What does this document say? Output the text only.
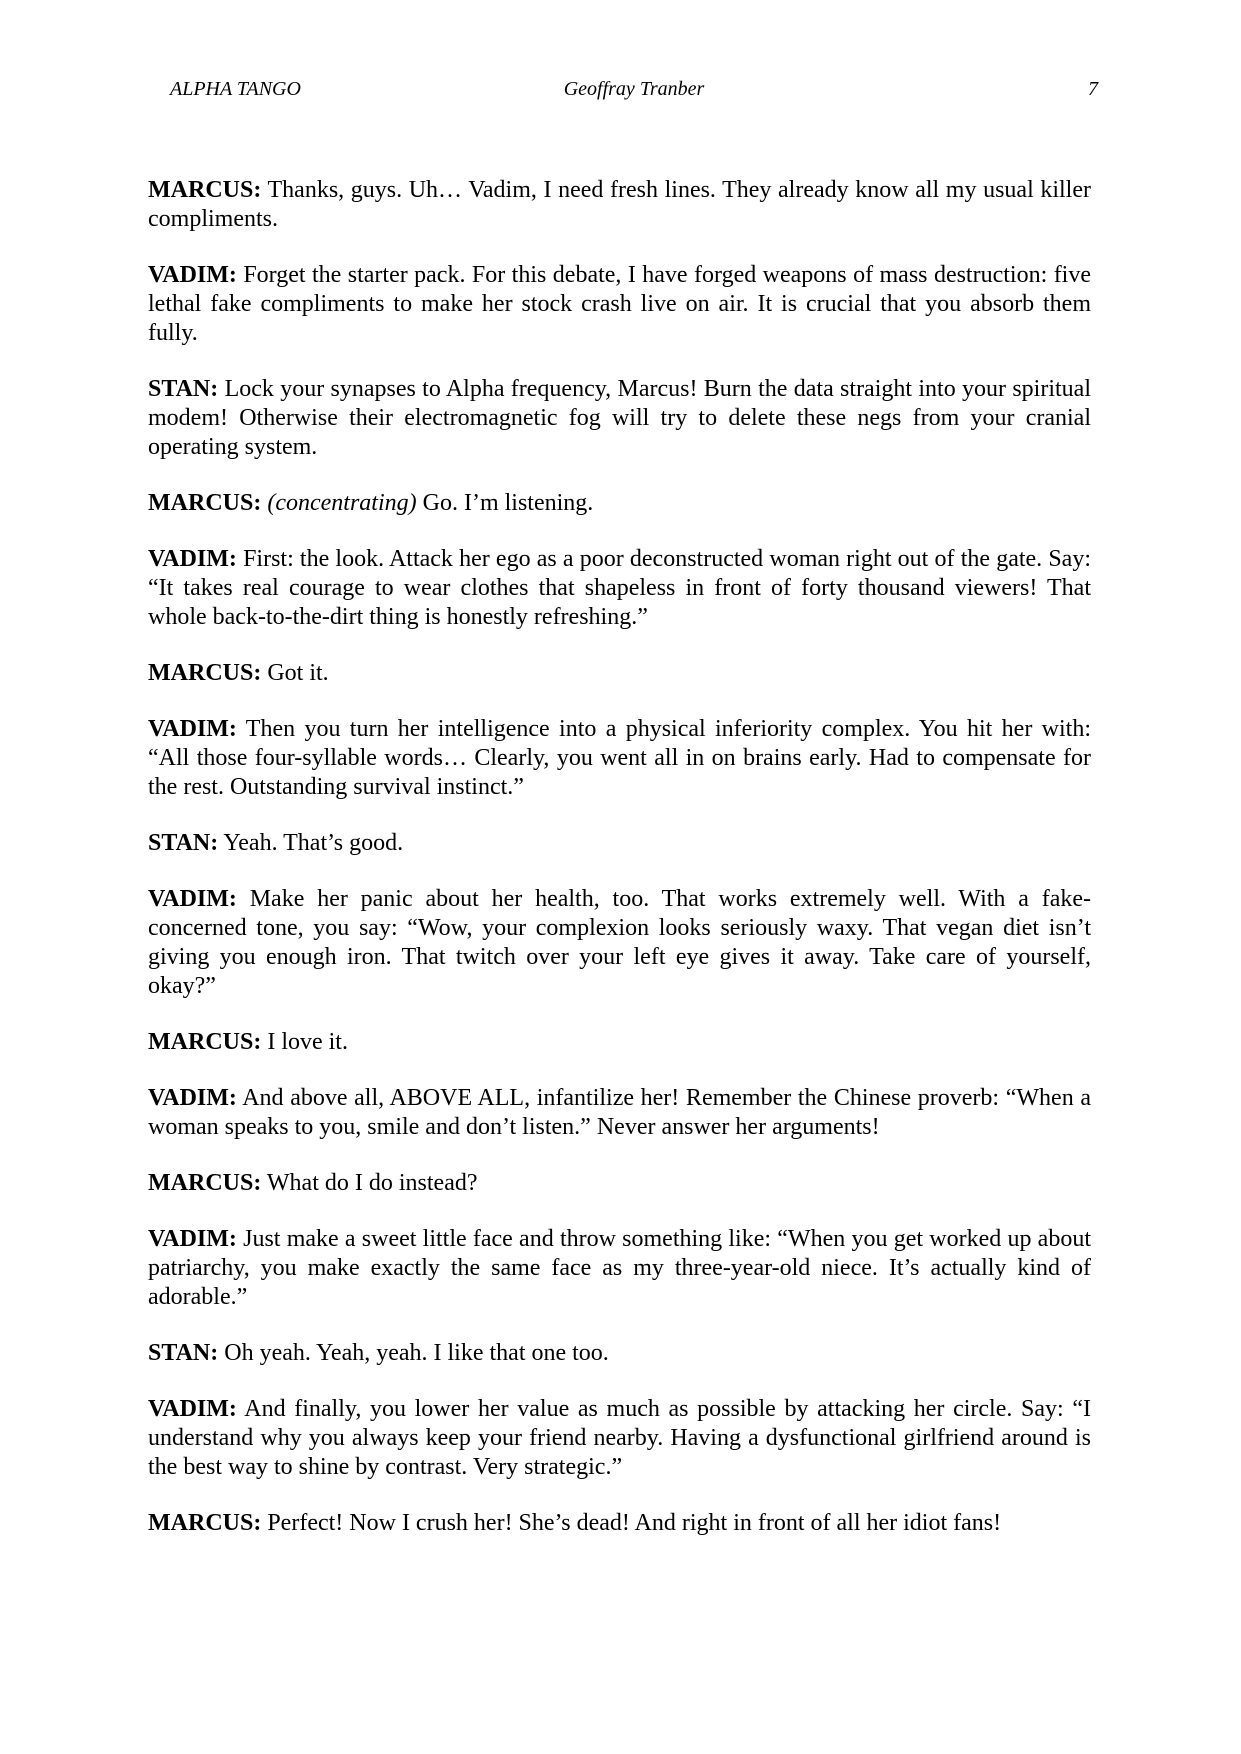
ALPHA TANGO	Geoffray Tranber	7

MARCUS: Thanks, guys. Uh… Vadim, I need fresh lines. They already know all my usual killer compliments.

VADIM: Forget the starter pack. For this debate, I have forged weapons of mass destruction: five lethal fake compliments to make her stock crash live on air. It is crucial that you absorb them fully.

STAN: Lock your synapses to Alpha frequency, Marcus! Burn the data straight into your spiritual modem! Otherwise their electromagnetic fog will try to delete these negs from your cranial operating system.

MARCUS: (concentrating) Go. I’m listening.

VADIM: First: the look. Attack her ego as a poor deconstructed woman right out of the gate. Say: “It takes real courage to wear clothes that shapeless in front of forty thousand viewers! That whole back-to-the-dirt thing is honestly refreshing.”

MARCUS: Got it.

VADIM: Then you turn her intelligence into a physical inferiority complex. You hit her with: “All those four-syllable words… Clearly, you went all in on brains early. Had to compensate for the rest. Outstanding survival instinct.”

STAN: Yeah. That’s good.

VADIM: Make her panic about her health, too. That works extremely well. With a fake-concerned tone, you say: “Wow, your complexion looks seriously waxy. That vegan diet isn’t giving you enough iron. That twitch over your left eye gives it away. Take care of yourself, okay?”

MARCUS: I love it.

VADIM: And above all, ABOVE ALL, infantilize her! Remember the Chinese proverb: “When a woman speaks to you, smile and don’t listen.” Never answer her arguments!

MARCUS: What do I do instead?

VADIM: Just make a sweet little face and throw something like: “When you get worked up about patriarchy, you make exactly the same face as my three-year-old niece. It’s actually kind of adorable.”

STAN: Oh yeah. Yeah, yeah. I like that one too.

VADIM: And finally, you lower her value as much as possible by attacking her circle. Say: “I understand why you always keep your friend nearby. Having a dysfunctional girlfriend around is the best way to shine by contrast. Very strategic.”

MARCUS: Perfect! Now I crush her! She’s dead! And right in front of all her idiot fans!
